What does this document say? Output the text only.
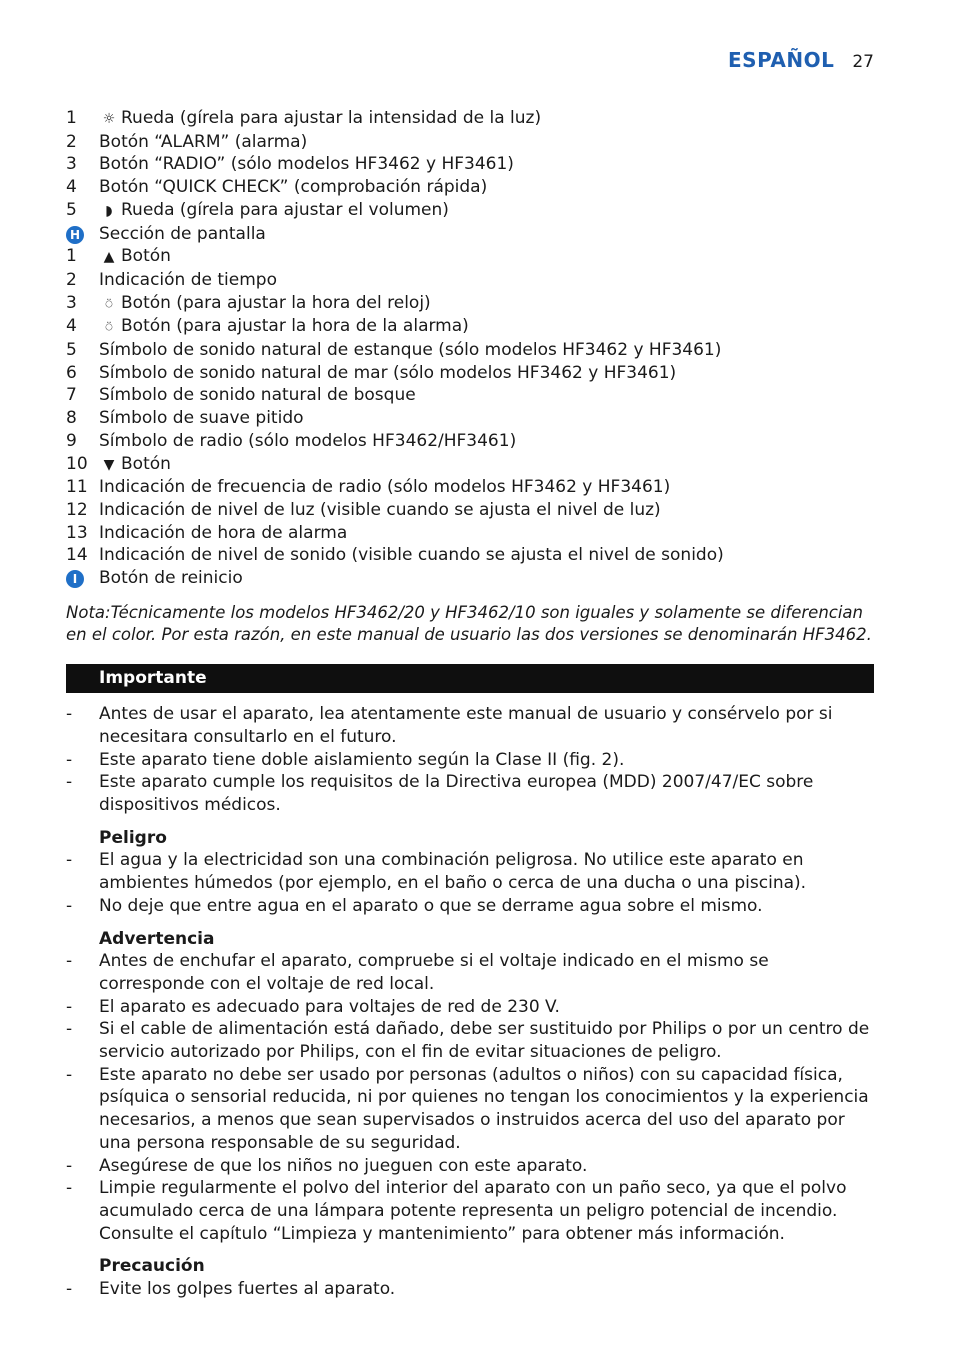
ESPAÑOL 27
1	☼ Rueda (gírela para ajustar la intensidad de la luz)
2	Botón “ALARM” (alarma)
3	Botón “RADIO” (sólo modelos HF3462 y HF3461)
4	Botón “QUICK CHECK” (comprobación rápida)
5	◗ Rueda (gírela para ajustar el volumen)
H	Sección de pantalla
1	▲ Botón
2	Indicación de tiempo
3	⍥ Botón (para ajustar la hora del reloj)
4	⍥ Botón (para ajustar la hora de la alarma)
5	Símbolo de sonido natural de estanque (sólo modelos HF3462 y HF3461)
6	Símbolo de sonido natural de mar (sólo modelos HF3462 y HF3461)
7	Símbolo de sonido natural de bosque
8	Símbolo de suave pitido
9	Símbolo de radio (sólo modelos HF3462/HF3461)
10	▼ Botón
11 Indicación de frecuencia de radio (sólo modelos HF3462 y HF3461)
12 Indicación de nivel de luz (visible cuando se ajusta el nivel de luz)
13 Indicación de hora de alarma
14 Indicación de nivel de sonido (visible cuando se ajusta el nivel de sonido)
I	Botón de reinicio
Nota:Técnicamente los modelos HF3462/20 y HF3462/10 son iguales y solamente se diferencian en el color. Por esta razón, en este manual de usuario las dos versiones se denominarán HF3462.
Importante
-	Antes de usar el aparato, lea atentamente este manual de usuario y consérvelo por si necesitara consultarlo en el futuro.
-	Este aparato tiene doble aislamiento según la Clase II (fig. 2).
-	Este aparato cumple los requisitos de la Directiva europea (MDD) 2007/47/EC sobre dispositivos médicos.
Peligro
-	El agua y la electricidad son una combinación peligrosa. No utilice este aparato en ambientes húmedos (por ejemplo, en el baño o cerca de una ducha o una piscina).
-	No deje que entre agua en el aparato o que se derrame agua sobre el mismo.
Advertencia
-	Antes de enchufar el aparato, compruebe si el voltaje indicado en el mismo se corresponde con el voltaje de red local.
-	El aparato es adecuado para voltajes de red de 230 V.
-	Si el cable de alimentación está dañado, debe ser sustituido por Philips o por un centro de servicio autorizado por Philips, con el fin de evitar situaciones de peligro.
-	Este aparato no debe ser usado por personas (adultos o niños) con su capacidad física, psíquica o sensorial reducida, ni por quienes no tengan los conocimientos y la experiencia necesarios, a menos que sean supervisados o instruidos acerca del uso del aparato por una persona responsable de su seguridad.
-	Asegúrese de que los niños no jueguen con este aparato.
-	Limpie regularmente el polvo del interior del aparato con un paño seco, ya que el polvo acumulado cerca de una lámpara potente representa un peligro potencial de incendio. Consulte el capítulo “Limpieza y mantenimiento” para obtener más información.
Precaución
-	Evite los golpes fuertes al aparato.
